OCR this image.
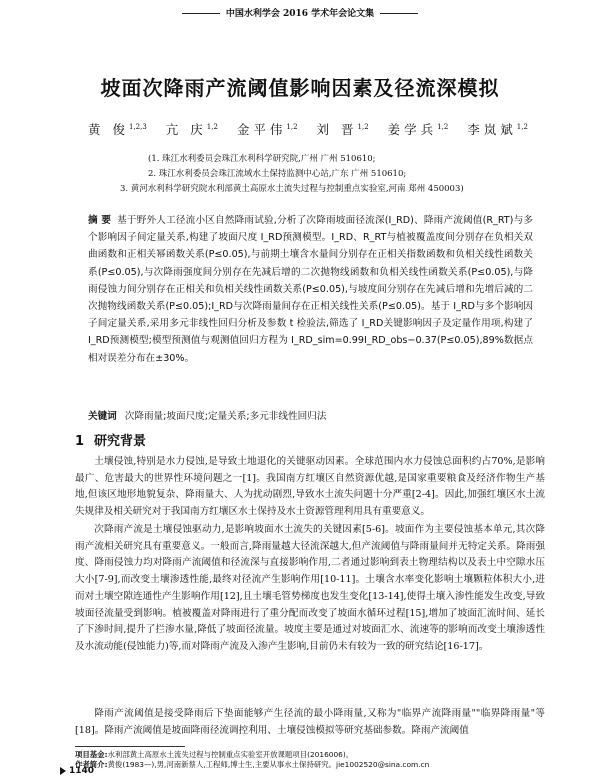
中国水利学会 2016 学术年会论文集
坡面次降雨产流阈值影响因素及径流深模拟
黄 俊$^{1,2,3}$ 亢 庆$^{1,2}$ 金平伟$^{1,2}$ 刘 晋$^{1,2}$ 姜学兵$^{1,2}$ 李岚斌$^{1,2}$
(1. 珠江水利委员会珠江水利科学研究院,广州 广州 510610;
2. 珠江水利委员会珠江流域水土保持监测中心站,广东 广州 510610;
3. 黄河水利科学研究院水利部黄土高原水土流失过程与控制重点实验室,河南 郑州 450003)
摘 要 基于野外人工径流小区自然降雨试验,分析了次降雨坡面径流深(I_RD)、降雨产流阈值(R_RT)与多个影响因子间定量关系,构建了坡面尺度 I_RD预测模型。I_RD、R_RT与植被覆盖度间分别存在负相关双曲函数和正相关幂函数关系(P≤0.05),与前期土壤含水量间分别存在正相关指数函数和负相关线性函数关系(P≤0.05),与次降雨强度间分别存在先减后增的二次抛物线函数和负相关线性函数关系(P≤0.05),与降雨侵蚀力间分别存在正相关和负相关线性函数关系(P≤0.05),与坡度间分别存在先减后增和先增后减的二次抛物线函数关系(P≤0.05);I_RD与次降雨量间存在正相关线性关系(P≤0.05)。基于 I_RD与多个影响因子间定量关系,采用多元非线性回归分析及参数 t 检验法,筛选了 I_RD关键影响因子及定量作用项,构建了 I_RD预测模型;模型预测值与观测值回归方程为 I_RD_sim=0.99I_RD_obs−0.37(P≤0.05),89%数据点相对误差分布在±30%。
关键词 次降雨量;坡面尺度;定量关系;多元非线性回归法
1 研究背景

土壤侵蚀,特别是水力侵蚀,是导致土地退化的关键驱动因素。全球范围内水力侵蚀总面积约占70%,是影响最广、危害最大的世界性环境问题之一[1]。我国南方红壤区自然资源优越,是国家重要粮食及经济作物生产基地,但该区地形地貌复杂、降雨量大、人为扰动剧烈,导致水土流失问题十分严重[2-4]。因此,加强红壤区水土流失规律及相关研究对于我国南方红壤区水土保持及水土资源管理利用具有重要意义。

次降雨产流是土壤侵蚀驱动力,是影响坡面水土流失的关键因素[5-6]。坡面作为主要侵蚀基本单元,其次降雨产流相关研究具有重要意义。一般而言,降雨量越大径流深越大,但产流阈值与降雨量间并无特定关系。降雨强度、降雨侵蚀力均对降雨产流阈值和径流深与直接影响作用,二者通过影响到表土物理结构以及表土中空隙水压大小[7-9],而改变土壤渗透性能,最终对径流产生影响作用[10-11]。土壤含水率变化影响土壤颗粒体积大小,进而对土壤空隙连通性产生影响作用[12],且土壤毛管势梯度也发生变化[13-14],使得土壤入渗性能发生改变,导致坡面径流量受到影响。植被覆盖对降雨进行了重分配而改变了坡面水循环过程[15],增加了坡面汇流时间、延长了下渗时间,提升了拦渗水量,降低了坡面径流量。坡度主要是通过对坡面汇水、流速等的影响而改变土壤渗透性及水流动能(侵蚀能力)等,而对降雨产流及入渗产生影响,目前仍未有较为一致的研究结论[16-17]。

降雨产流阈值是接受降雨后下垫面能够产生径流的最小降雨量,又称为"临界产流降雨量""临界降雨量"等[18]。降雨产流阈值是坡面降雨径流调控利用、土壤侵蚀模拟等研究基础参数。降雨产流阈值

项目基金:水利部黄土高原水土流失过程与控制重点实验室开放课题项目(2016006)。
作者简介:黄俊(1983—),男,河南新蔡人,工程师,博士生,主要从事水土保持研究。jie1002520@sina.com.cn
1140
